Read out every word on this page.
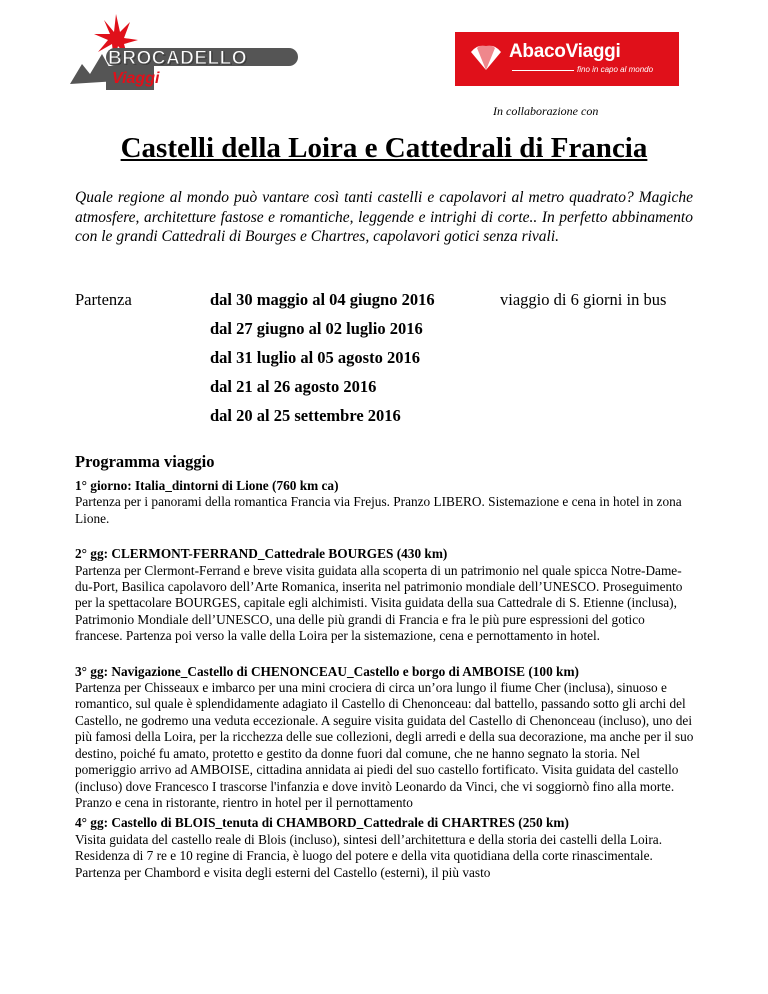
BROCADELLO
Viaggi
AbacoViaggi
fino in capo al mondo
In collaborazione con
Castelli della Loira e Cattedrali di Francia

Quale regione al mondo può vantare così tanti castelli e capolavori al metro quadrato? Magiche atmosfere, architetture fastose e romantiche, leggende e intrighi di corte.. In perfetto abbinamento con le grandi Cattedrali di Bourges e Chartres, capolavori gotici senza rivali.

Partenza	dal 30 maggio al 04 giugno 2016
dal 27 giugno al 02 luglio 2016
dal 31 luglio al 05 agosto 2016
dal 21 al 26 agosto 2016
dal 20 al 25 settembre 2016
viaggio di 6 giorni in bus
Programma viaggio

1° giorno: Italia_dintorni di Lione (760 km ca)

Partenza per i panorami della romantica Francia via Frejus. Pranzo LIBERO. Sistemazione e cena in hotel in zona Lione.

2° gg: CLERMONT-FERRAND_Cattedrale BOURGES (430 km)

Partenza per Clermont-Ferrand e breve visita guidata alla scoperta di un patrimonio nel quale spicca Notre-Dame-du-Port, Basilica capolavoro dell’Arte Romanica, inserita nel patrimonio mondiale dell’UNESCO. Proseguimento per la spettacolare BOURGES, capitale egli alchimisti. Visita guidata della sua Cattedrale di S. Etienne (inclusa), Patrimonio Mondiale dell’UNESCO, una delle più grandi di Francia e fra le più pure espressioni del gotico francese. Partenza poi verso la valle della Loira per la sistemazione, cena e pernottamento in hotel.

3° gg: Navigazione_Castello di CHENONCEAU_Castello e borgo di AMBOISE (100 km)

Partenza per Chisseaux e imbarco per una mini crociera di circa un’ora lungo il fiume Cher (inclusa), sinuoso e romantico, sul quale è splendidamente adagiato il Castello di Chenonceau: dal battello, passando sotto gli archi del Castello, ne godremo una veduta eccezionale. A seguire visita guidata del Castello di Chenonceau (incluso), uno dei più famosi della Loira, per la ricchezza delle sue collezioni, degli arredi e della sua decorazione, ma anche per il suo destino, poiché fu amato, protetto e gestito da donne fuori dal comune, che ne hanno segnato la storia. Nel pomeriggio arrivo ad AMBOISE, cittadina annidata ai piedi del suo castello fortificato. Visita guidata del castello (incluso) dove Francesco I trascorse l'infanzia e dove invitò Leonardo da Vinci, che vi soggiornò fino alla morte. Pranzo e cena in ristorante, rientro in hotel per il pernottamento

4° gg: Castello di BLOIS_tenuta di CHAMBORD_Cattedrale di CHARTRES (250 km)

Visita guidata del castello reale di Blois (incluso), sintesi dell’architettura e della storia dei castelli della Loira. Residenza di 7 re e 10 regine di Francia, è luogo del potere e della vita quotidiana della corte rinascimentale. Partenza per Chambord e visita degli esterni del Castello (esterni), il più vasto
